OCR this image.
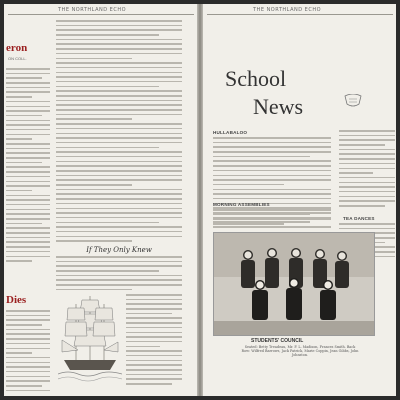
THE NORTHLAND ECHO
eron
ON COLL.
Dies
If They Only Knew
THE NORTHLAND ECHO
School
News
HULLABALOO
MORNING ASSEMBLIES
TEA DANCES
STUDENTS' COUNCIL
Seated: Betty Treadeau, Mr. F. L. Madison, Frances Smith. Back Row: Wilfred Barrows, Jack Patrick, Marie Coppin, Jean Gibbs, John Johnston.
